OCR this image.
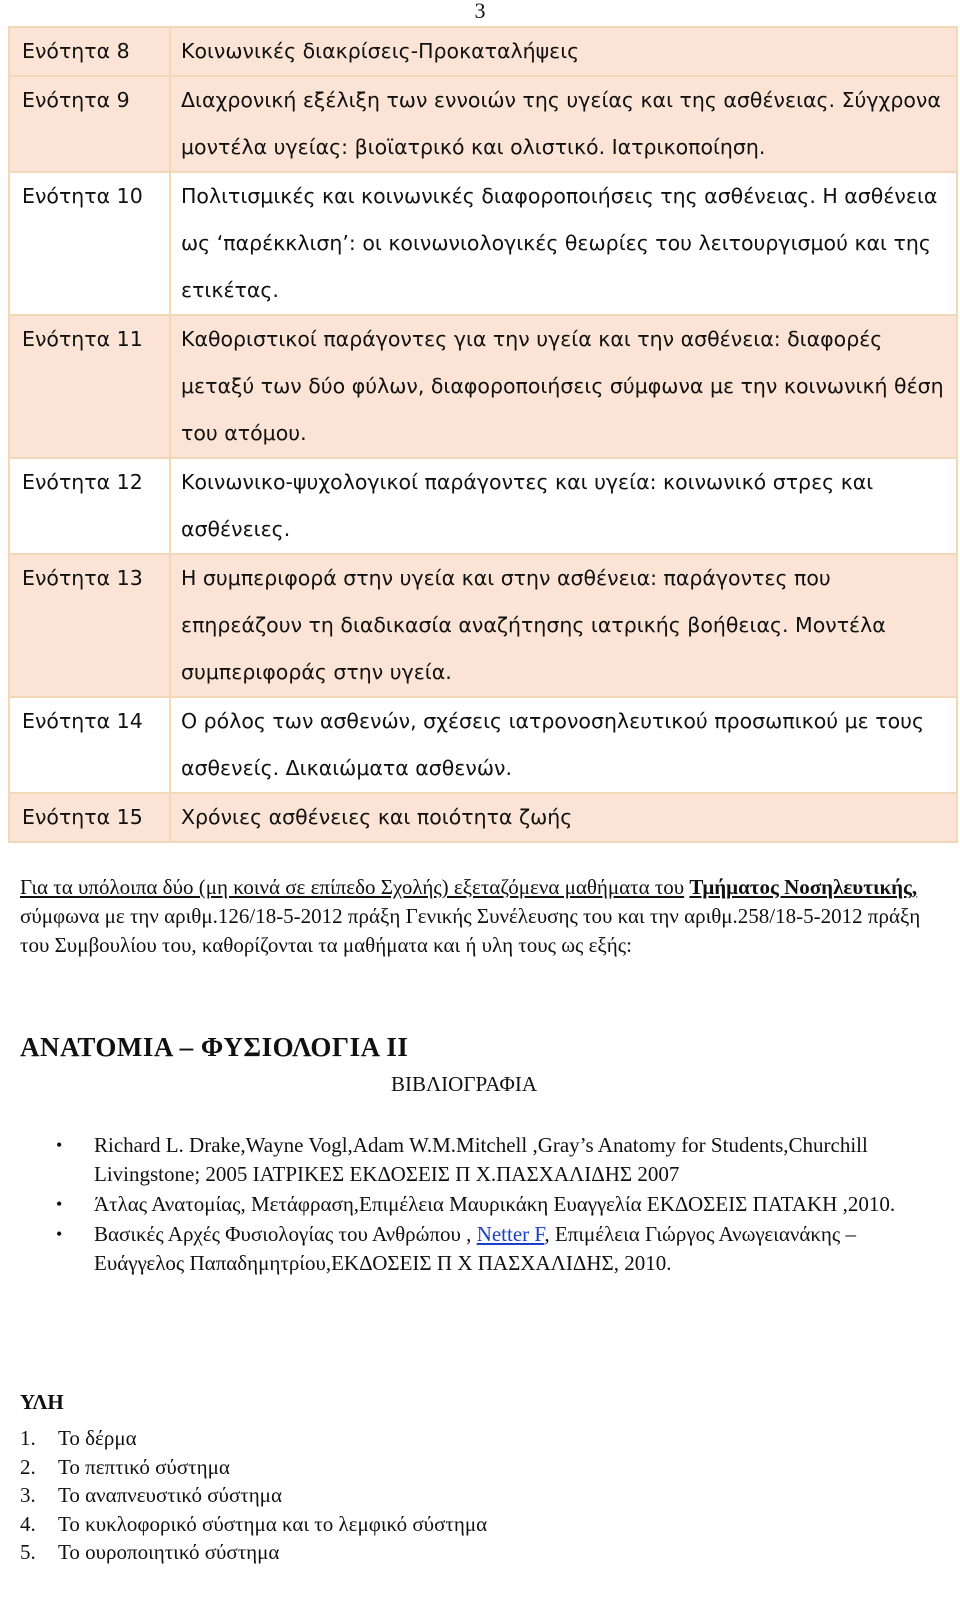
3
Ενότητα 8	Κοινωνικές διακρίσεις-Προκαταλήψεις
Ενότητα 9	Διαχρονική εξέλιξη των εννοιών της υγείας και της ασθένειας. Σύγχρονα μοντέλα υγείας: βιοϊατρικό και ολιστικό. Ιατρικοποίηση.
Ενότητα 10	Πολιτισμικές και κοινωνικές διαφοροποιήσεις της ασθένειας. Η ασθένεια ως ‘παρέκκλιση’: οι κοινωνιολογικές θεωρίες του λειτουργισμού και της ετικέτας.
Ενότητα 11	Καθοριστικοί παράγοντες για την υγεία και την ασθένεια: διαφορές μεταξύ των δύο φύλων, διαφοροποιήσεις σύμφωνα με την κοινωνική θέση του ατόμου.
Ενότητα 12	Κοινωνικο-ψυχολογικοί παράγοντες και υγεία: κοινωνικό στρες και ασθένειες.
Ενότητα 13	Η συμπεριφορά στην υγεία και στην ασθένεια: παράγοντες που επηρεάζουν τη διαδικασία αναζήτησης ιατρικής βοήθειας. Μοντέλα συμπεριφοράς στην υγεία.
Ενότητα 14	Ο ρόλος των ασθενών, σχέσεις ιατρονοσηλευτικού προσωπικού με τους ασθενείς. Δικαιώματα ασθενών.
Ενότητα 15	Χρόνιες ασθένειες και ποιότητα ζωής
Για τα υπόλοιπα δύο (μη κοινά σε επίπεδο Σχολής) εξεταζόμενα μαθήματα του Τμήματος Νοσηλευτικής, σύμφωνα με την αριθμ.126/18-5-2012 πράξη Γενικής Συνέλευσης του και την αριθμ.258/18-5-2012 πράξη του Συμβουλίου του, καθορίζονται τα μαθήματα και ή υλη τους ως εξής:
ΑΝΑΤΟΜΙΑ – ΦΥΣΙΟΛΟΓΙΑ ΙΙ
ΒΙΒΛΙΟΓΡΑΦΙΑ
• Richard L. Drake,Wayne Vogl,Adam W.M.Mitchell ,Gray’s Anatomy for Students,Churchill Livingstone; 2005 ΙΑΤΡΙΚΕΣ ΕΚΔΟΣΕΙΣ Π Χ.ΠΑΣΧΑΛΙΔΗΣ 2007
• Άτλας Ανατομίας, Μετάφραση,Επιμέλεια Μαυρικάκη Ευαγγελία ΕΚΔΟΣΕΙΣ ΠΑΤΑΚΗ ,2010.
• Βασικές Αρχές Φυσιολογίας του Ανθρώπου , Netter F, Επιμέλεια Γιώργος Ανωγειανάκης –Ευάγγελος Παπαδημητρίου,ΕΚΔΟΣΕΙΣ Π Χ ΠΑΣΧΑΛΙΔΗΣ, 2010.
ΥΛΗ
1. Το δέρμα
2. Το πεπτικό σύστημα
3. Το αναπνευστικό σύστημα
4. Το κυκλοφορικό σύστημα και το λεμφικό σύστημα
5. Το ουροποιητικό σύστημα
